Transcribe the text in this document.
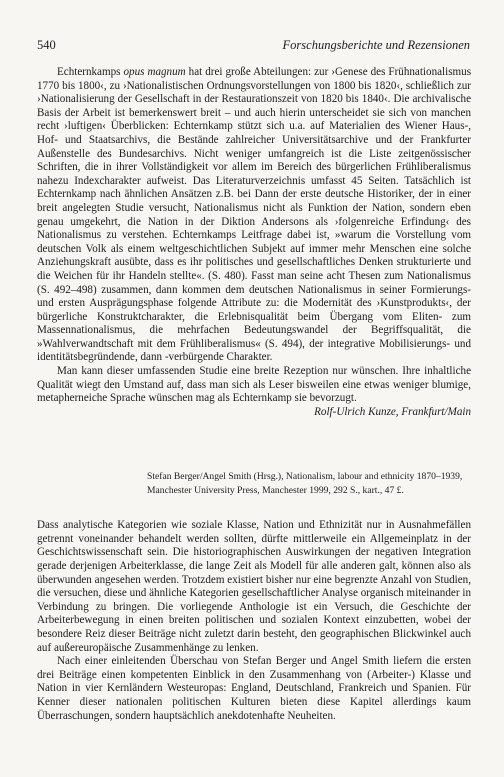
540	Forschungsberichte und Rezensionen

Echternkamps opus magnum hat drei große Abteilungen: zur ›Genese des Frühnationalismus 1770 bis 1800‹, zu ›Nationalistischen Ordnungsvorstellungen von 1800 bis 1820‹, schließlich zur ›Nationalisierung der Gesellschaft in der Restaurationszeit von 1820 bis 1840‹. Die archivalische Basis der Arbeit ist bemerkenswert breit – und auch hierin unterscheidet sie sich von manchen recht ›luftigen‹ Überblicken: Echternkamp stützt sich u.a. auf Materialien des Wiener Haus-, Hof- und Staatsarchivs, die Bestände zahlreicher Universitätsarchive und der Frankfurter Außenstelle des Bundesarchivs. Nicht weniger umfangreich ist die Liste zeitgenössischer Schriften, die in ihrer Vollständigkeit vor allem im Bereich des bürgerlichen Frühliberalismus nahezu Indexcharakter aufweist. Das Literaturverzeichnis umfasst 45 Seiten. Tatsächlich ist Echternkamp nach ähnlichen Ansätzen z.B. bei Dann der erste deutsche Historiker, der in einer breit angelegten Studie versucht, Nationalismus nicht als Funktion der Nation, sondern eben genau umgekehrt, die Nation in der Diktion Andersons als ›folgenreiche Erfindung‹ des Nationalismus zu verstehen. Echternkamps Leitfrage dabei ist, »warum die Vorstellung vom deutschen Volk als einem weltgeschichtlichen Subjekt auf immer mehr Menschen eine solche Anziehungskraft ausübte, dass es ihr politisches und gesellschaftliches Denken strukturierte und die Weichen für ihr Handeln stellte«. (S. 480). Fasst man seine acht Thesen zum Nationalismus (S. 492–498) zusammen, dann kommen dem deutschen Nationalismus in seiner Formierungs- und ersten Ausprägungsphase folgende Attribute zu: die Modernität des ›Kunstprodukts‹, der bürgerliche Konstruktcharakter, die Erlebnisqualität beim Übergang vom Eliten- zum Massennationalismus, die mehrfachen Bedeutungswandel der Begriffsqualität, die »Wahlverwandtschaft mit dem Frühliberalismus« (S. 494), der integrative Mobilisierungs- und identitätsbegründende, dann -verbürgende Charakter.

Man kann dieser umfassenden Studie eine breite Rezeption nur wünschen. Ihre inhaltliche Qualität wiegt den Umstand auf, dass man sich als Leser bisweilen eine etwas weniger blumige, metapherneiche Sprache wünschen mag als Echternkamp sie bevorzugt.

Rolf-Ulrich Kunze, Frankfurt/Main
Stefan Berger/Angel Smith (Hrsg.), Nationalism, labour and ethnicity 1870–1939,
Manchester University Press, Manchester 1999, 292 S., kart., 47 £.

Dass analytische Kategorien wie soziale Klasse, Nation und Ethnizität nur in Ausnahmefällen getrennt voneinander behandelt werden sollten, dürfte mittlerweile ein Allgemeinplatz in der Geschichtswissenschaft sein. Die historiographischen Auswirkungen der negativen Integration gerade derjenigen Arbeiterklasse, die lange Zeit als Modell für alle anderen galt, können also als überwunden angesehen werden. Trotzdem existiert bisher nur eine begrenzte Anzahl von Studien, die versuchen, diese und ähnliche Kategorien gesellschaftlicher Analyse organisch miteinander in Verbindung zu bringen. Die vorliegende Anthologie ist ein Versuch, die Geschichte der Arbeiterbewegung in einen breiten politischen und sozialen Kontext einzubetten, wobei der besondere Reiz dieser Beiträge nicht zuletzt darin besteht, den geographischen Blickwinkel auch auf außereuropäische Zusammenhänge zu lenken.

Nach einer einleitenden Überschau von Stefan Berger und Angel Smith liefern die ersten drei Beiträge einen kompetenten Einblick in den Zusammenhang von (Arbeiter-) Klasse und Nation in vier Kernländern Westeuropas: England, Deutschland, Frankreich und Spanien. Für Kenner dieser nationalen politischen Kulturen bieten diese Kapitel allerdings kaum Überraschungen, sondern hauptsächlich anekdotenhafte Neuheiten.
